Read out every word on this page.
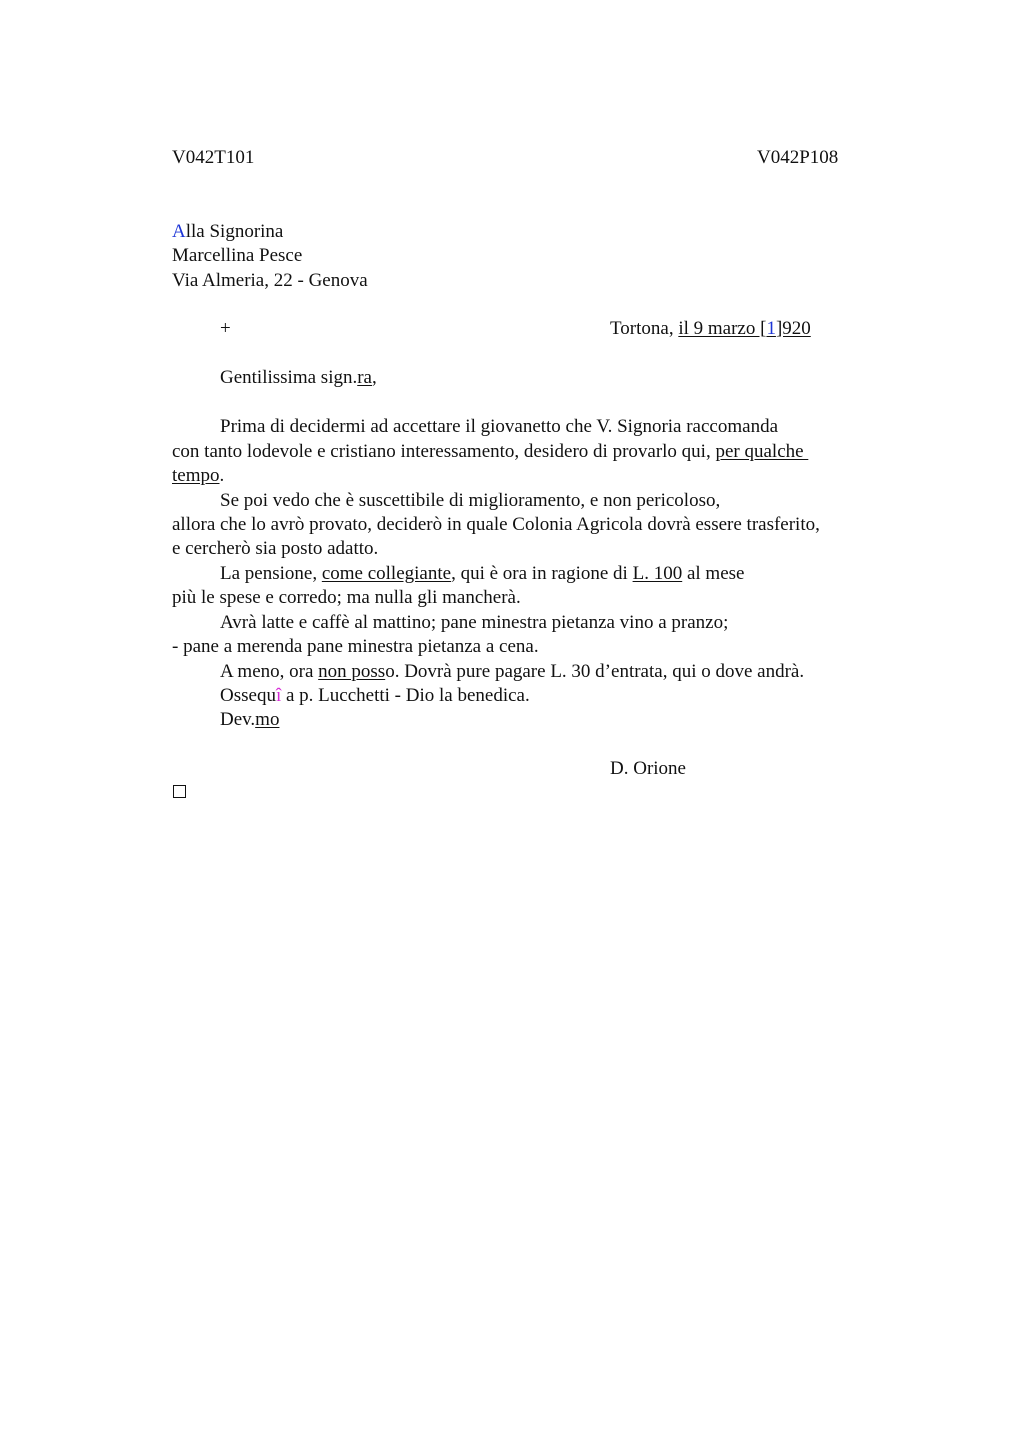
V042T101	V042P108
Alla Signorina
Marcellina Pesce
Via Almeria, 22 - Genova
+	Tortona, il 9 marzo [1]920
Gentilissima sign.ra,
Prima di decidermi ad accettare il giovanetto che V. Signoria raccomanda
con tanto lodevole e cristiano interessamento, desidero di provarlo qui, per qualche
tempo.
Se poi vedo che è suscettibile di miglioramento, e non pericoloso,
allora che lo avrò provato, deciderò in quale Colonia Agricola dovrà essere trasferito,
e cercherò sia posto adatto.
La pensione, come collegiante, qui è ora in ragione di L. 100 al mese
più le spese e corredo; ma nulla gli mancherà.
Avrà latte e caffè al mattino; pane minestra pietanza vino a pranzo;
- pane a merenda pane minestra pietanza a cena.
A meno, ora non posso. Dovrà pure pagare L. 30 d’entrata, qui o dove andrà.
Ossequî a p. Lucchetti - Dio la benedica.
Dev.mo
D. Orione
